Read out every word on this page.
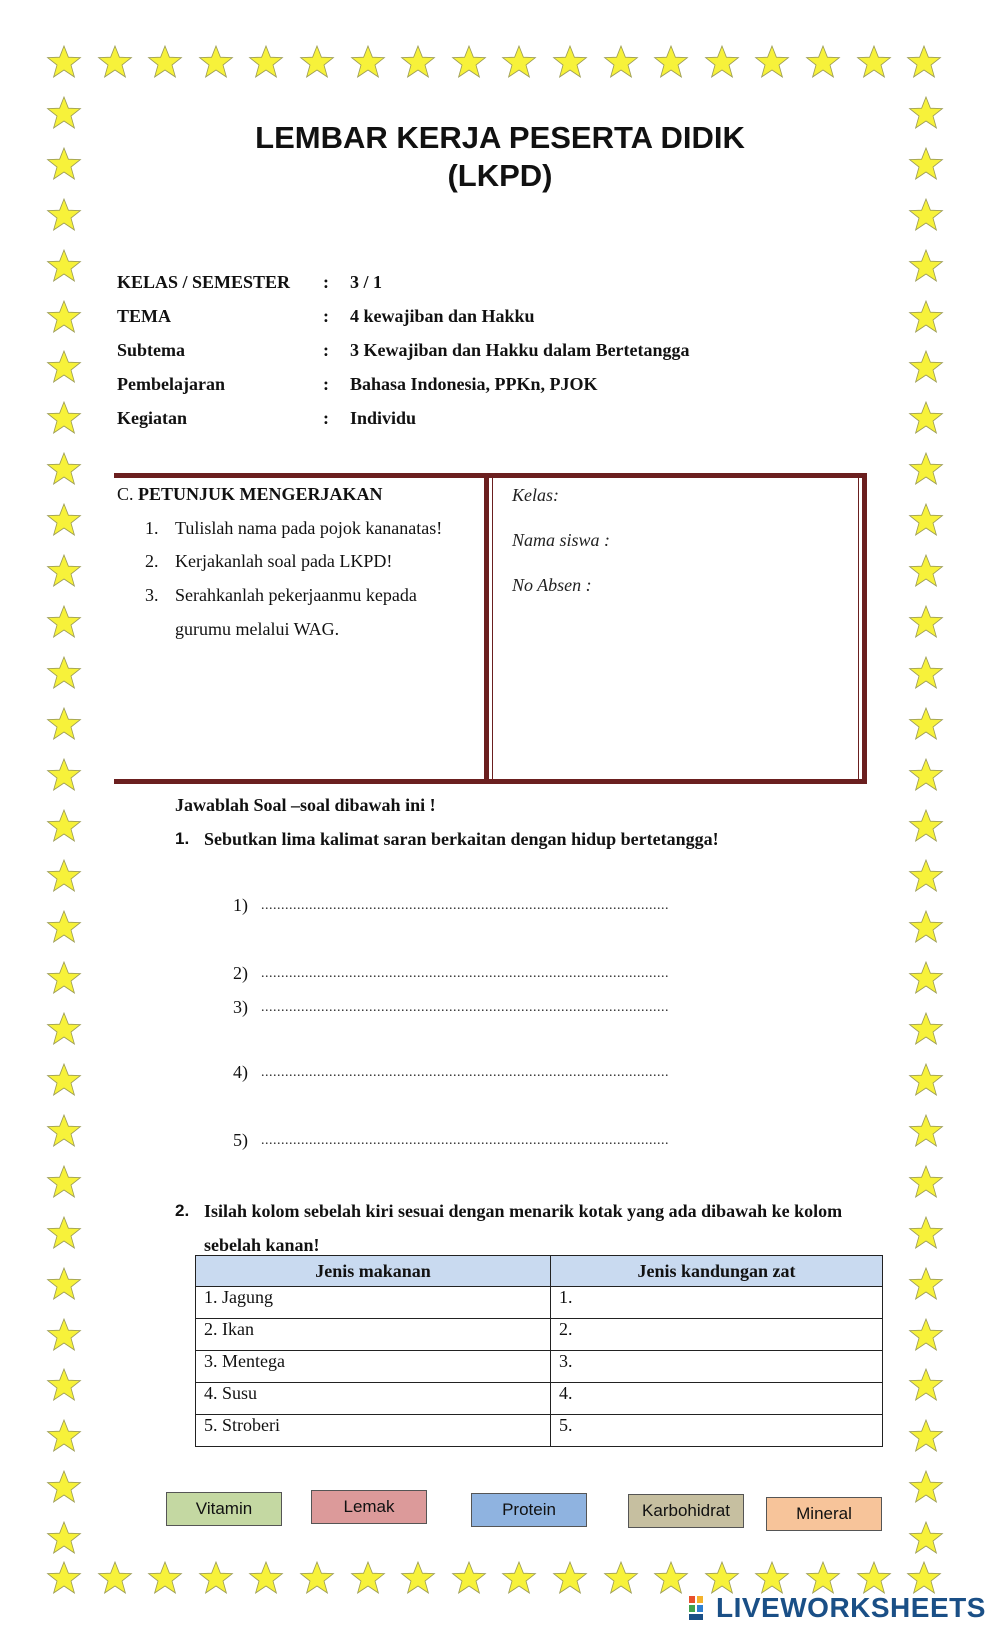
LEMBAR KERJA PESERTA DIDIK
(LKPD)
KELAS / SEMESTER : 3 / 1
TEMA	: 4 kewajiban dan Hakku
Subtema	: 3 Kewajiban dan Hakku dalam Bertetangga
Pembelajaran	: Bahasa Indonesia, PPKn, PJOK
Kegiatan	: Individu
C. PETUNJUK MENGERJAKAN
1. Tulislah nama pada pojok kananatas!
2. Kerjakanlah soal pada LKPD!
3. Serahkanlah pekerjaanmu kepada
gurumu melalui WAG.
Kelas:
Nama siswa :
No Absen :
Jawablah Soal –soal dibawah ini !
1. Sebutkan lima kalimat saran berkaitan dengan hidup bertetangga!
1) ......................................................................................................
2) ......................................................................................................
3) ......................................................................................................
4) ......................................................................................................
5) ......................................................................................................
2. Isilah kolom sebelah kiri sesuai dengan menarik kotak yang ada dibawah ke kolom
sebelah kanan!
Jenis makanan	Jenis kandungan zat
1. Jagung	1.
2. Ikan	2.
3. Mentega	3.
4. Susu	4.
5. Stroberi	5.
Vitamin	Lemak	Protein	Karbohidrat	Mineral
LIVEWORKSHEETS
